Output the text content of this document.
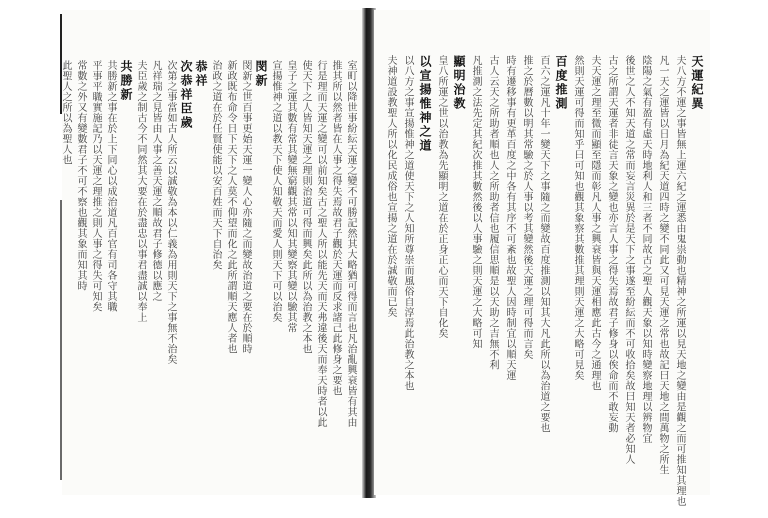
室町以降世事紛紜天運之變不可勝記然其大略猶可得而言也凡治亂興衰皆有其由
推其所以然者皆在人事之得失焉故君子觀於天運而反求諸己此修身之要也
行是理而天運之變可以前知矣古之聖人所以能先天而天弗違後天而奉天時者以此
使天下之人皆知天運之理則治道可得而興矣此所以為治教之本也
皇子之運其數有常其變無窮觀其常以知其變察其變以驗其常
宣揚惟神之道以教天下使人知敬天而愛人則天下可以治矣
閔新
閔新之世百事更始天運一變人心亦隨之而變故治道之要在於順時
新政既布命令日下天下之人莫不仰望而化之此所謂順天應人者也
治政之道在於任賢使能以安百姓而天下自治矣
恭祥
次恭祥臣歲
次第之事當如古人所云以誠敬為本以仁義為用則天下之事無不治矣
凡祥瑞之見皆由人事之善天運之順故君子修德以應之
夫臣歲之制古今不同然其大要在於盡忠以事君盡誠以奉上
共勝新
共勝新之事在於上下同心以成治道凡百官有司各守其職
平事平職實施記乃以天運之理推之則人事之得失可知矣
常數之外又有變數君子不可不察也觀其象而知其時
此聖人之所以為聖人也	天運紀異
夫八方不運之事皆無上運六紀之運悉由鬼祟動也精神之所運以見天地之變由是觀之而可推知其理也
凡一天之運皆以日月為紀天道四時之變不同此又可見天運之常也故記曰天地之間萬物之所生
陰陽之氣有盈有虛天時地利人和三者不同故古之聖人觀天象以知時變察地理以辨物宜
後世之人不知天道之常而妄言災異於是天下之事遂至紛紜而不可收拾矣故曰知天者必知人
古之所謂天運者非徒言天象之變也亦言人事之得失焉故君子修身以俟命而不敢妄動
夫天運之理至微而顯至隱而彰凡人事之興衰皆與天運相應此古今之通理也
然則天運可得而知乎曰可知也觀其象察其數推其理則天運之大略可見矣
百度推測
百六之運凡十年一變天下之事隨之而變故百度推測以知其大凡此所以為治道之要也
推之於曆數以明其常驗之於人事以考其變然後天運之理可得而言矣
時有遷移事有更革百度之中各有其序不可紊也故聖人因時制宜以順天運
古人云天之所助者順也人之所助者信也履信思順是以天助之吉無不利
凡推測之法先定其紀次推其數然後以人事驗之則天運之大略可知
顯明治教
皇八所運之世以治教為先顯明之道在於正身正心而天下自化矣
以宣揚惟神之道
以八方之事宣揚惟神之道使天下之人知所尊崇而風俗自淳焉此治教之本也
夫神道設教聖人所以化民成俗也宣揚之道在於誠敬而已矣
